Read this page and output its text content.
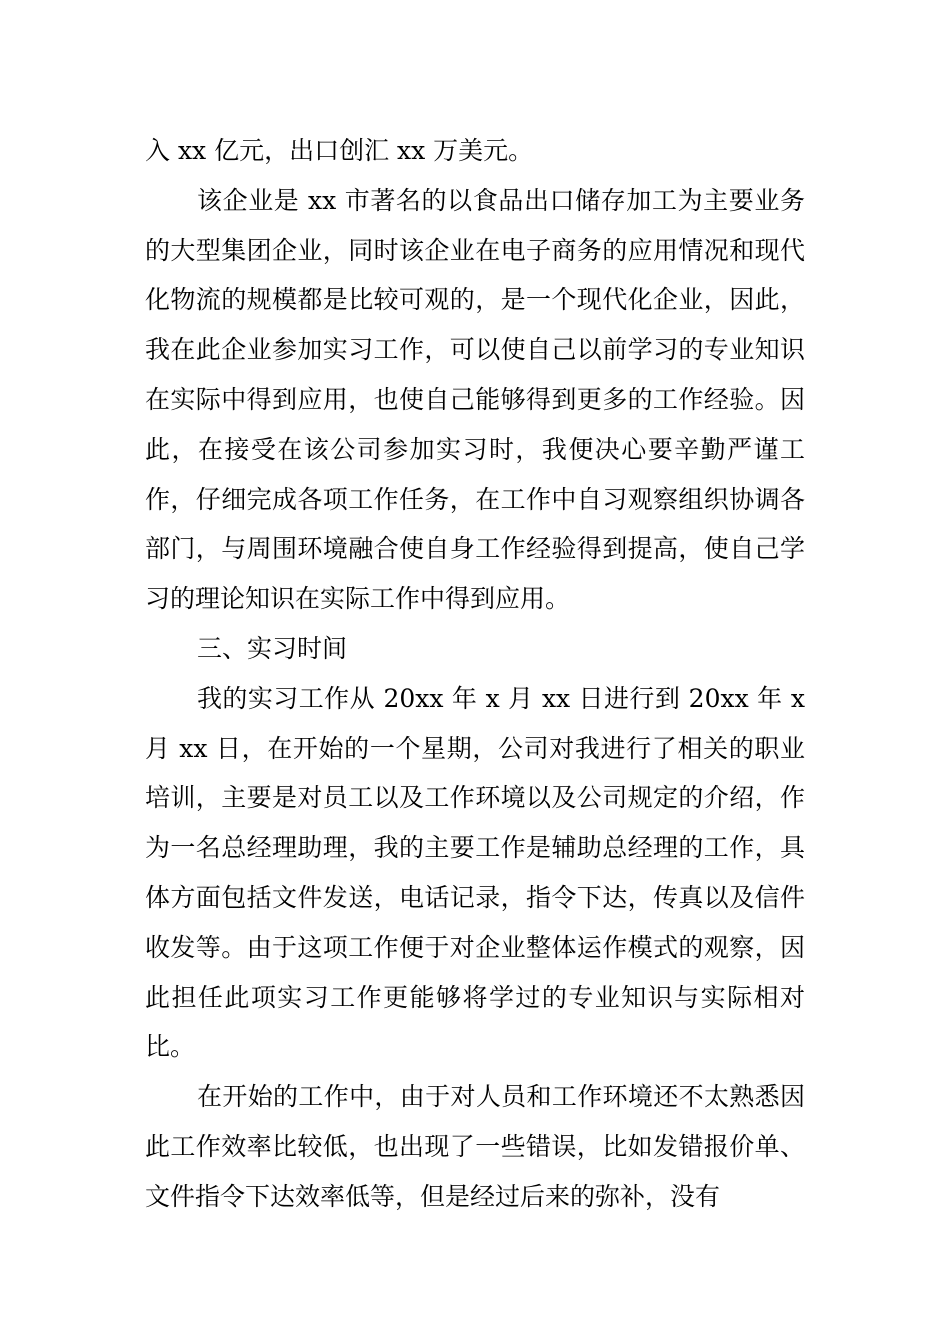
入 xx 亿元，出口创汇 xx 万美元。

该企业是 xx 市著名的以食品出口储存加工为主要业务的大型集团企业，同时该企业在电子商务的应用情况和现代化物流的规模都是比较可观的，是一个现代化企业，因此，我在此企业参加实习工作，可以使自己以前学习的专业知识在实际中得到应用，也使自己能够得到更多的工作经验。因此，在接受在该公司参加实习时，我便决心要辛勤严谨工作，仔细完成各项工作任务，在工作中自习观察组织协调各部门，与周围环境融合使自身工作经验得到提高，使自己学习的理论知识在实际工作中得到应用。

三、实习时间

我的实习工作从 20xx 年 x 月 xx 日进行到 20xx 年 x 月 xx 日，在开始的一个星期，公司对我进行了相关的职业培训，主要是对员工以及工作环境以及公司规定的介绍，作为一名总经理助理，我的主要工作是辅助总经理的工作，具体方面包括文件发送，电话记录，指令下达，传真以及信件收发等。由于这项工作便于对企业整体运作模式的观察，因此担任此项实习工作更能够将学过的专业知识与实际相对比。

在开始的工作中，由于对人员和工作环境还不太熟悉因此工作效率比较低，也出现了一些错误，比如发错报价单、文件指令下达效率低等，但是经过后来的弥补，没有
